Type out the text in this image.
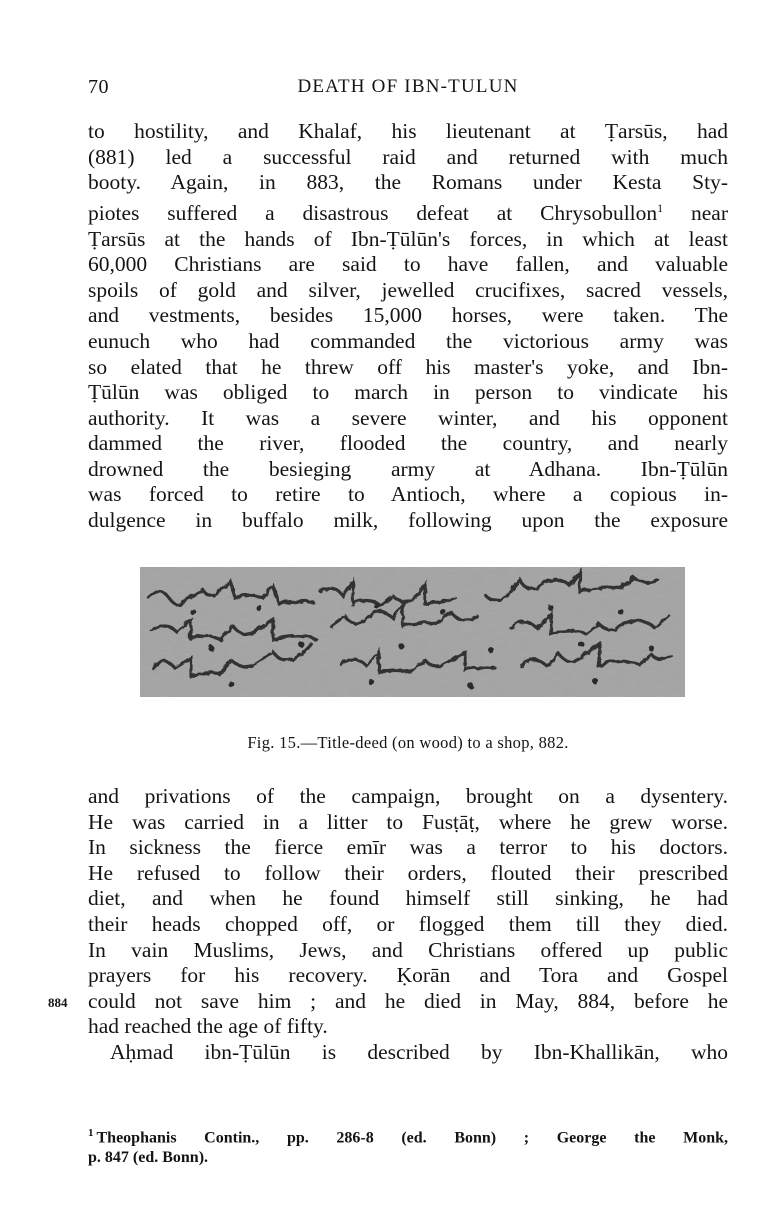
70	DEATH OF IBN-TULUN
to hostility, and Khalaf, his lieutenant at Ṭarsūs, had
(881) led a successful raid and returned with much
booty. Again, in 883, the Romans under Kesta Sty-
piotes suffered a disastrous defeat at Chrysobullon$^1$ near
Ṭarsūs at the hands of Ibn-Ṭūlūn's forces, in which at least
60,000 Christians are said to have fallen, and valuable
spoils of gold and silver, jewelled crucifixes, sacred vessels,
and vestments, besides 15,000 horses, were taken. The
eunuch who had commanded the victorious army was
so elated that he threw off his master's yoke, and Ibn-
Ṭūlūn was obliged to march in person to vindicate his
authority. It was a severe winter, and his opponent
dammed the river, flooded the country, and nearly
drowned the besieging army at Adhana. Ibn-Ṭūlūn
was forced to retire to Antioch, where a copious in-
dulgence in buffalo milk, following upon the exposure
Fig. 15.—Title-deed (on wood) to a shop, 882.
and privations of the campaign, brought on a dysentery.
He was carried in a litter to Fusṭāṭ, where he grew worse.
In sickness the fierce emīr was a terror to his doctors.
He refused to follow their orders, flouted their prescribed
diet, and when he found himself still sinking, he had
their heads chopped off, or flogged them till they died.
In vain Muslims, Jews, and Christians offered up public
prayers for his recovery. Ḳorān and Tora and Gospel
could not save him ; and he died in May, 884, before he
had reached the age of fifty.
Aḥmad ibn-Ṭūlūn is described by Ibn-Khallikān, who
884
$^1$ Theophanis Contin., pp. 286-8 (ed. Bonn) ; George the Monk,
p. 847 (ed. Bonn).
